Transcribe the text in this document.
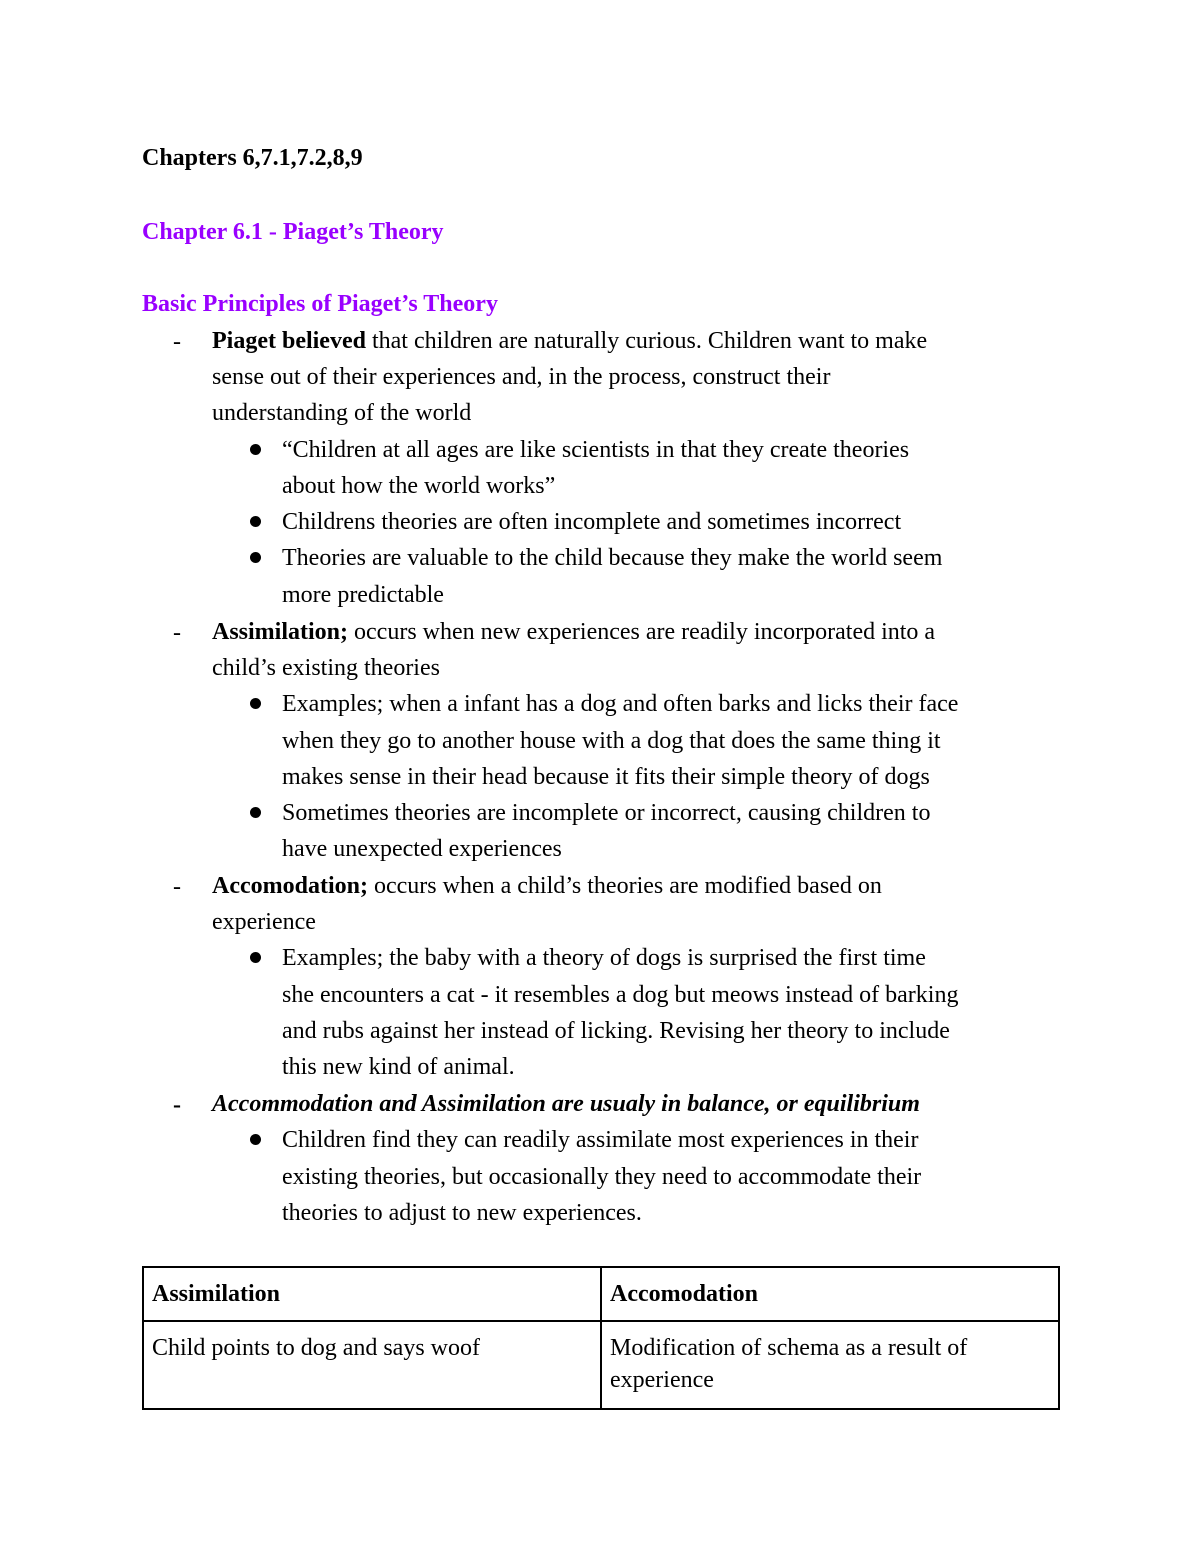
Chapters 6,7.1,7.2,8,9
Chapter 6.1 - Piaget’s Theory
Basic Principles of Piaget’s Theory
- Piaget believed that children are naturally curious. Children want to make
sense out of their experiences and, in the process, construct their
understanding of the world
“Children at all ages are like scientists in that they create theories
about how the world works”
Childrens theories are often incomplete and sometimes incorrect
Theories are valuable to the child because they make the world seem
more predictable
- Assimilation; occurs when new experiences are readily incorporated into a
child’s existing theories
Examples; when a infant has a dog and often barks and licks their face
when they go to another house with a dog that does the same thing it
makes sense in their head because it fits their simple theory of dogs
Sometimes theories are incomplete or incorrect, causing children to
have unexpected experiences
- Accomodation; occurs when a child’s theories are modified based on
experience
Examples; the baby with a theory of dogs is surprised the first time
she encounters a cat - it resembles a dog but meows instead of barking
and rubs against her instead of licking. Revising her theory to include
this new kind of animal.
- Accommodation and Assimilation are usualy in balance, or equilibrium
Children find they can readily assimilate most experiences in their
existing theories, but occasionally they need to accommodate their
theories to adjust to new experiences.
Assimilation	Accomodation
Child points to dog and says woof	Modification of schema as a result of experience
